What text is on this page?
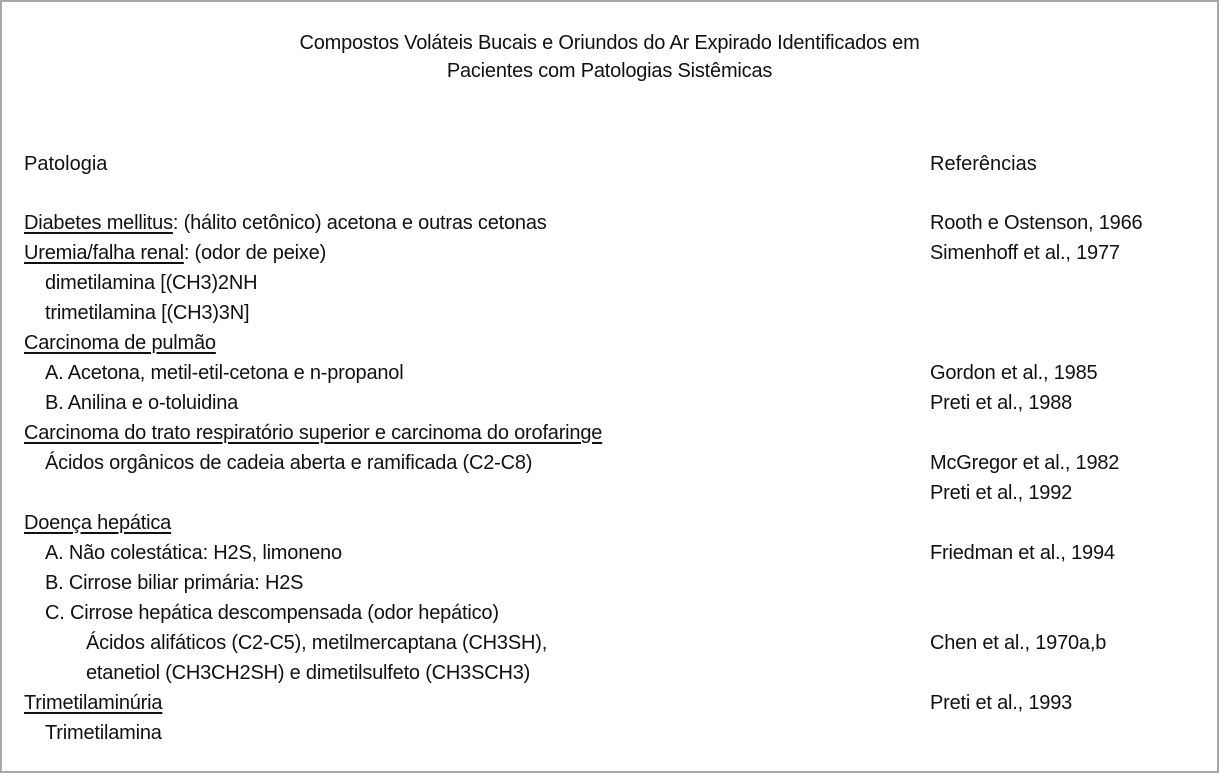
Compostos Voláteis Bucais e Oriundos do Ar Expirado Identificados em
Pacientes com Patologias Sistêmicas
Patologia	Referências
Diabetes mellitus: (hálito cetônico) acetona e outras cetonas	Rooth e Ostenson, 1966
Uremia/falha renal: (odor de peixe)	Simenhoff et al., 1977
dimetilamina [(CH3)2NH
trimetilamina [(CH3)3N]
Carcinoma de pulmão
A. Acetona, metil-etil-cetona e n-propanol	Gordon et al., 1985
B. Anilina e o-toluidina	Preti et al., 1988
Carcinoma do trato respiratório superior e carcinoma do orofaringe
Ácidos orgânicos de cadeia aberta e ramificada (C2-C8)	McGregor et al., 1982
Preti et al., 1992
Doença hepática
A. Não colestática: H2S, limoneno	Friedman et al., 1994
B. Cirrose biliar primária: H2S
C. Cirrose hepática descompensada (odor hepático)
Ácidos alifáticos (C2-C5), metilmercaptana (CH3SH),	Chen et al., 1970a,b
etanetiol (CH3CH2SH) e dimetilsulfeto (CH3SCH3)
Trimetilaminúria	Preti et al., 1993
Trimetilamina
